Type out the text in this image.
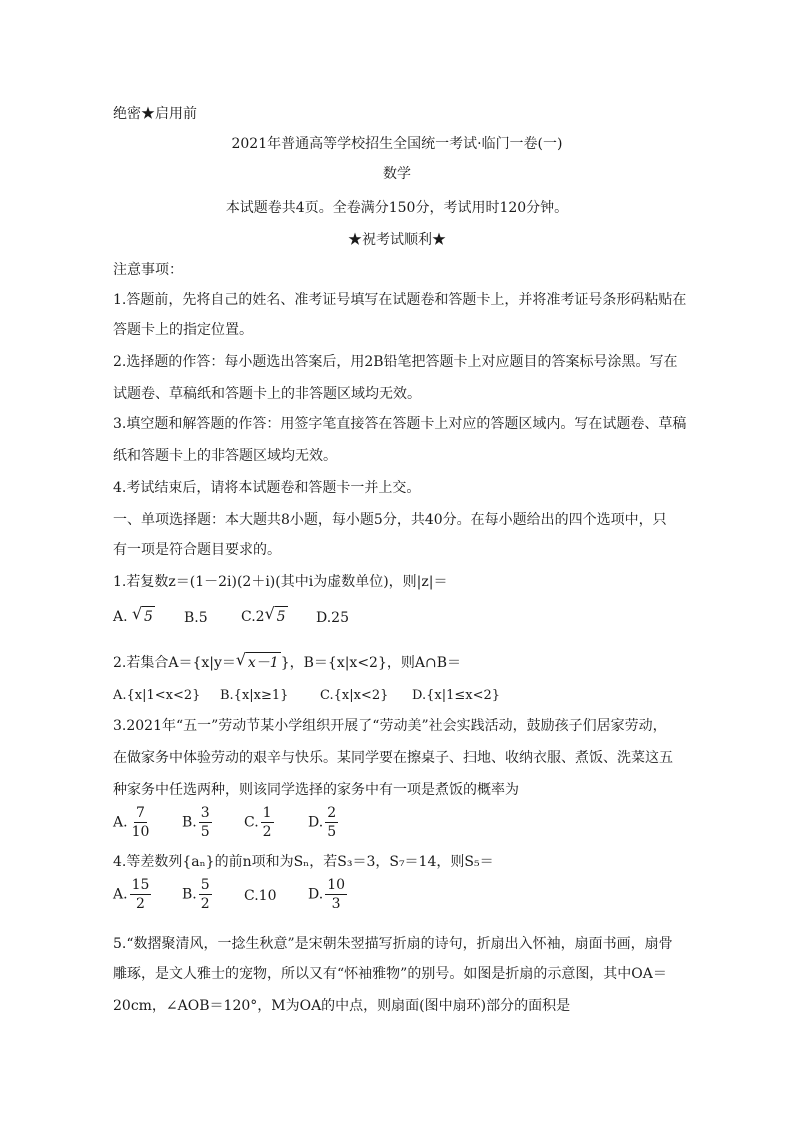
绝密★启用前
2021年普通高等学校招生全国统一考试·临门一卷(一)
数学
本试题卷共4页。全卷满分150分，考试用时120分钟。
★祝考试顺利★
注意事项：
1.答题前，先将自己的姓名、准考证号填写在试题卷和答题卡上，并将准考证号条形码粘贴在
答题卡上的指定位置。
2.选择题的作答：每小题选出答案后，用2B铅笔把答题卡上对应题目的答案标号涂黑。写在
试题卷、草稿纸和答题卡上的非答题区域均无效。
3.填空题和解答题的作答：用签字笔直接答在答题卡上对应的答题区域内。写在试题卷、草稿
纸和答题卡上的非答题区域均无效。
4.考试结束后，请将本试题卷和答题卡一并上交。
一、单项选择题：本大题共8小题，每小题5分，共40分。在每小题给出的四个选项中，只
有一项是符合题目要求的。
1.若复数z＝(1－2i)(2＋i)(其中i为虚数单位)，则|z|＝
A. √ 5 B.5 C.2 √ 5 D.25
2.若集合A＝{x|y＝ √ x－1 }，B＝{x|x<2}，则A∩B＝
A.{x|1<x<2} B.{x|x≥1} C.{x|x<2} D.{x|1≤x<2}
3.2021年“五一”劳动节某小学组织开展了“劳动美”社会实践活动，鼓励孩子们居家劳动，
在做家务中体验劳动的艰辛与快乐。某同学要在擦桌子、扫地、收纳衣服、煮饭、洗菜这五
种家务中任选两种，则该同学选择的家务中有一项是煮饭的概率为
A. $\frac{7}{10} B$. $\frac{3}{5} C$. $\frac{1}{2} D$. $\frac{2}{5}$
4.等差数列{aₙ}的前n项和为Sₙ，若S₃＝3，S₇＝14，则S₅＝
A. $\frac{15}{2} B$. $\frac{5}{2} C.10$ D. $\frac{10}{3}$
5.“数摺聚清风，一捻生秋意”是宋朝朱翌描写折扇的诗句，折扇出入怀袖，扇面书画，扇骨
雕琢，是文人雅士的宠物，所以又有“怀袖雅物”的别号。如图是折扇的示意图，其中OA＝
20cm，∠AOB＝120°，M为OA的中点，则扇面(图中扇环)部分的面积是
